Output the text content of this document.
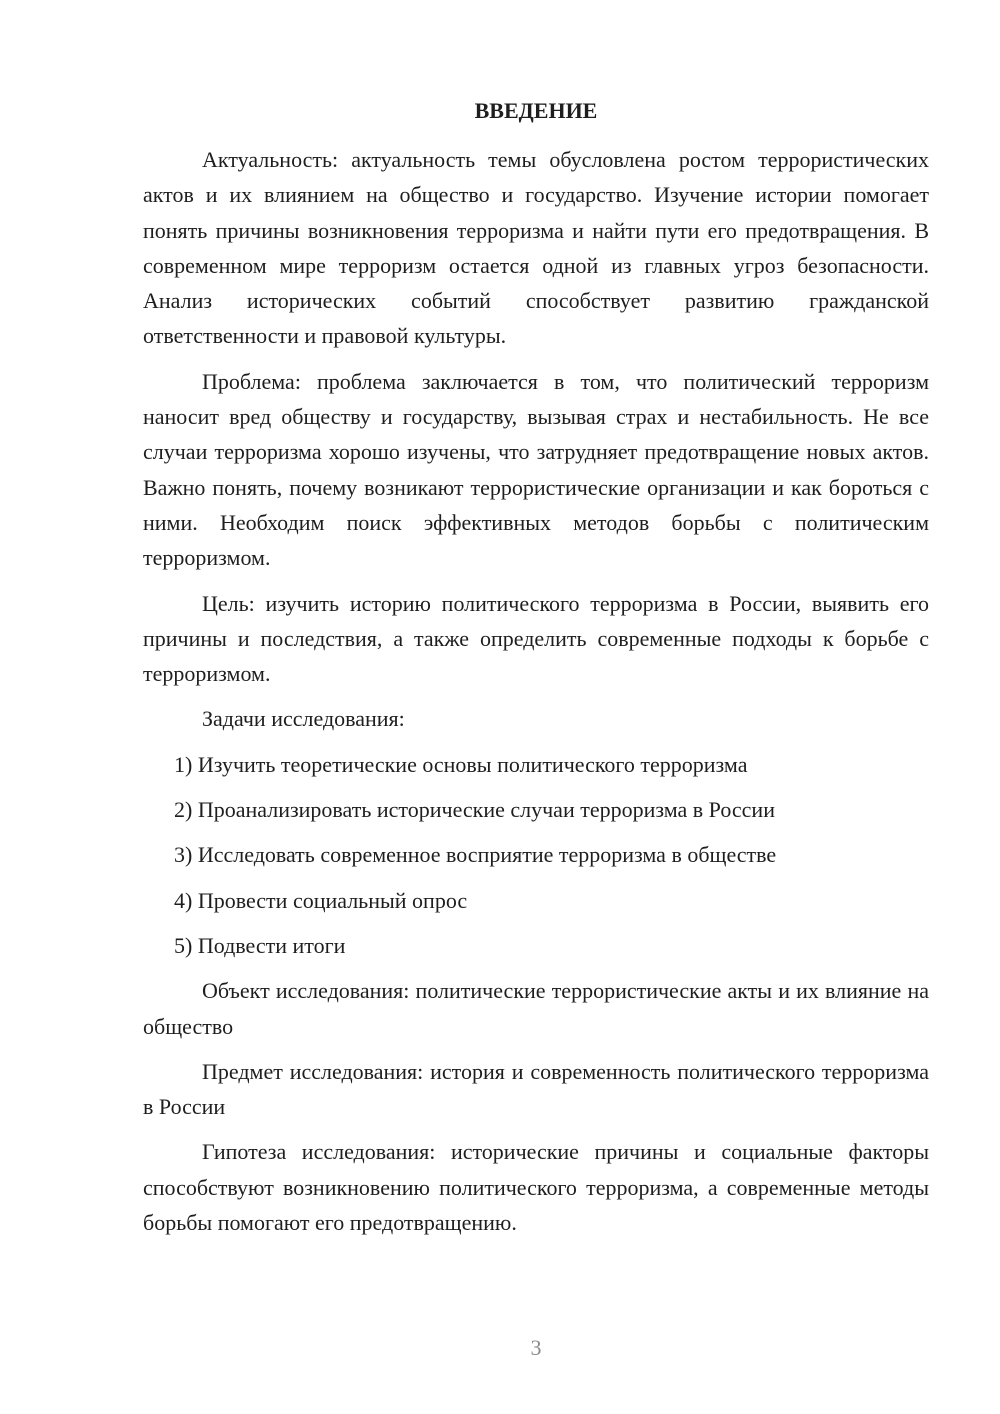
ВВЕДЕНИЕ

Актуальность: актуальность темы обусловлена ростом террористических актов и их влиянием на общество и государство. Изучение истории помогает понять причины возникновения терроризма и найти пути его предотвращения. В современном мире терроризм остается одной из главных угроз безопасности. Анализ исторических событий способствует развитию гражданской ответственности и правовой культуры.

Проблема: проблема заключается в том, что политический терроризм наносит вред обществу и государству, вызывая страх и нестабильность. Не все случаи терроризма хорошо изучены, что затрудняет предотвращение новых актов. Важно понять, почему возникают террористические организации и как бороться с ними. Необходим поиск эффективных методов борьбы с политическим терроризмом.

Цель: изучить историю политического терроризма в России, выявить его причины и последствия, а также определить современные подходы к борьбе с терроризмом.

Задачи исследования:

1) Изучить теоретические основы политического терроризма
2) Проанализировать исторические случаи терроризма в России
3) Исследовать современное восприятие терроризма в обществе
4) Провести социальный опрос
5) Подвести итоги

Объект исследования: политические террористические акты и их влияние на общество

Предмет исследования: история и современность политического терроризма в России

Гипотеза исследования: исторические причины и социальные факторы способствуют возникновению политического терроризма, а современные методы борьбы помогают его предотвращению.

3
